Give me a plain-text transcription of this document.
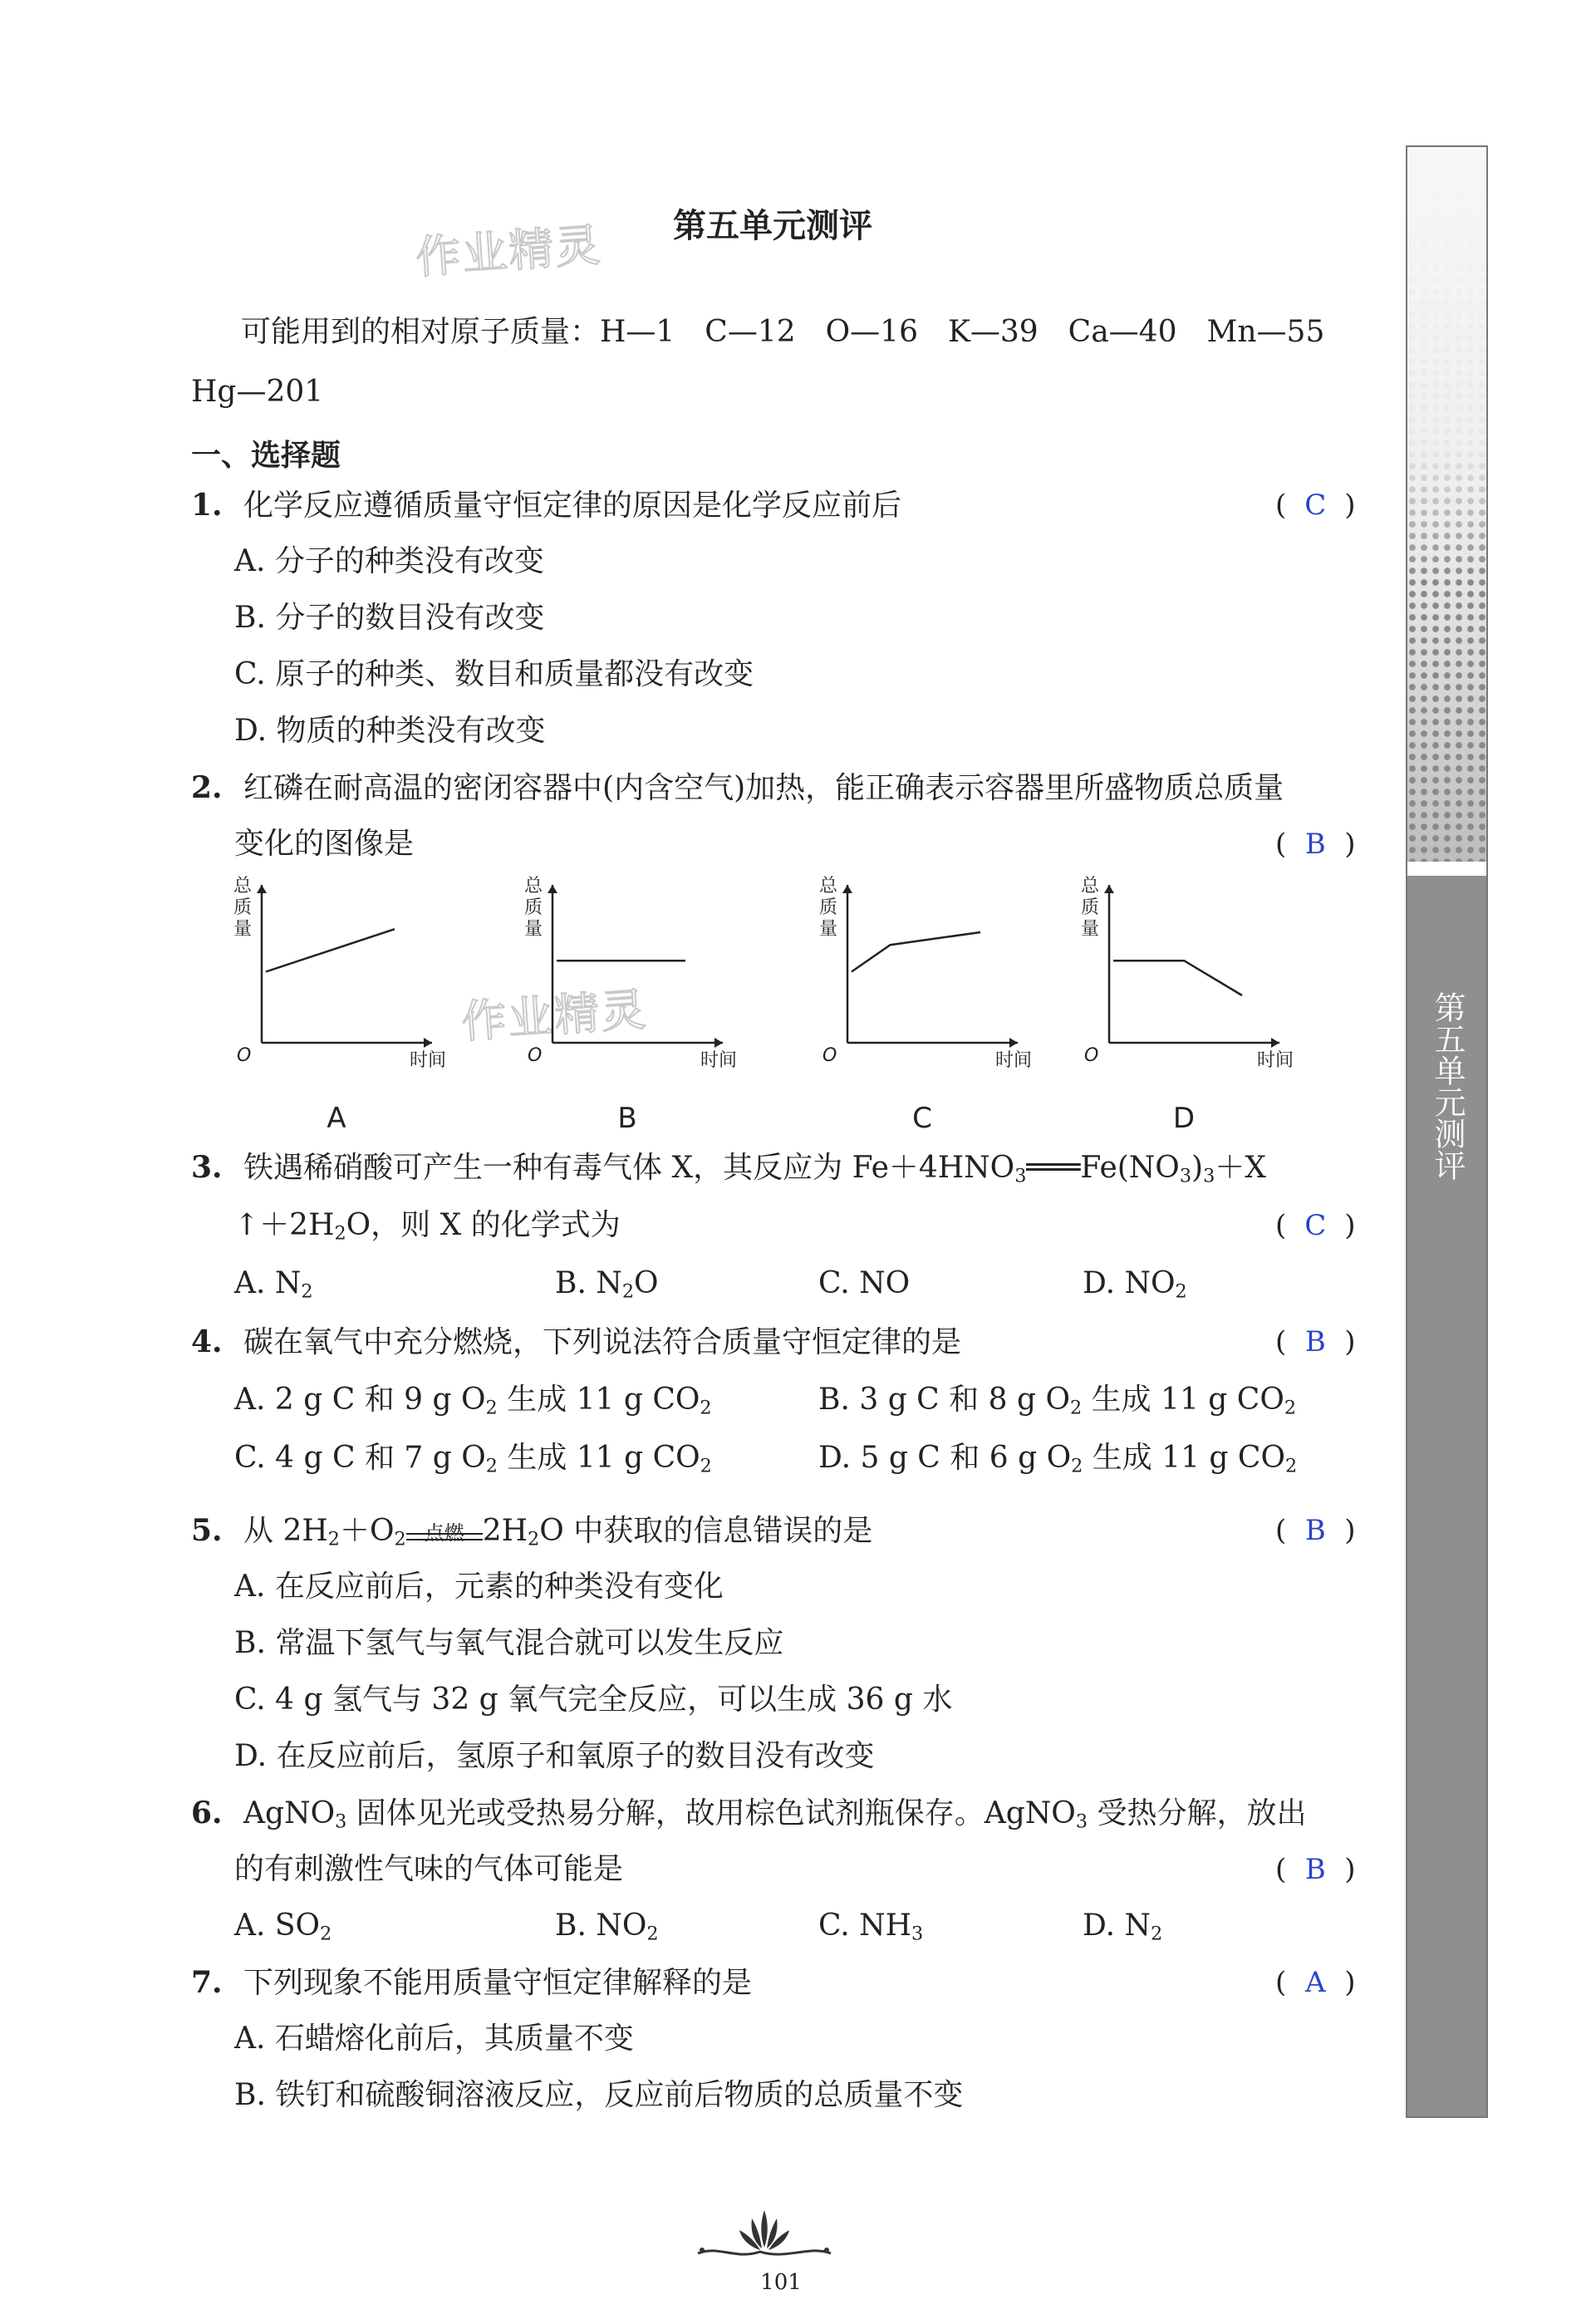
作业精灵
作业精灵
第五单元测评
可能用到的相对原子质量：H—1　C—12　O—16　K—39　Ca—40　Mn—55
Hg—201
一、选择题
1. 化学反应遵循质量守恒定律的原因是化学反应前后	( C )
A. 分子的种类没有改变
B. 分子的数目没有改变
C. 原子的种类、数目和质量都没有改变
D. 物质的种类没有改变
2. 红磷在耐高温的密闭容器中(内含空气)加热，能正确表示容器里所盛物质总质量
变化的图像是	( B )
总
质
量
O	时间
A
总
质
量
O	时间
B
总
质
量
O	时间
C
总
质
量
O	时间
D
3. 铁遇稀硝酸可产生一种有毒气体 X，其反应为 $Fe+4HNO_3═══Fe(NO_3)_3+X$
$↑+2H_2O$，则 X 的化学式为	( C )
A. $N_2$	B. $N_2O$	C. NO	D. $NO_2$
4. 碳在氧气中充分燃烧，下列说法符合质量守恒定律的是	( B )
A. 2 g C 和 9 g $O_2$ 生成 11 g $CO_2$	B. 3 g C 和 8 g $O_2$ 生成 11 g $CO_2$
C. 4 g C 和 7 g $O_2$ 生成 11 g $CO_2$	D. 5 g C 和 6 g $O_2$ 生成 11 g $CO_2$
5. 从 $2H_2+O_2$ 点燃 $2H_2O$ 中获取的信息错误的是	( B )
A. 在反应前后，元素的种类没有变化
B. 常温下氢气与氧气混合就可以发生反应
C. 4 g 氢气与 32 g 氧气完全反应，可以生成 36 g 水
D. 在反应前后，氢原子和氧原子的数目没有改变
6. AgNO$_3$ 固体见光或受热易分解，故用棕色试剂瓶保存。AgNO$_3$ 受热分解，放出
的有刺激性气味的气体可能是	( B )
A. $SO_2$	B. $NO_2$	C. $NH_3$	D. $N_2$
7. 下列现象不能用质量守恒定律解释的是	( A )
A. 石蜡熔化前后，其质量不变
B. 铁钉和硫酸铜溶液反应，反应前后物质的总质量不变
第五单元测评
101
